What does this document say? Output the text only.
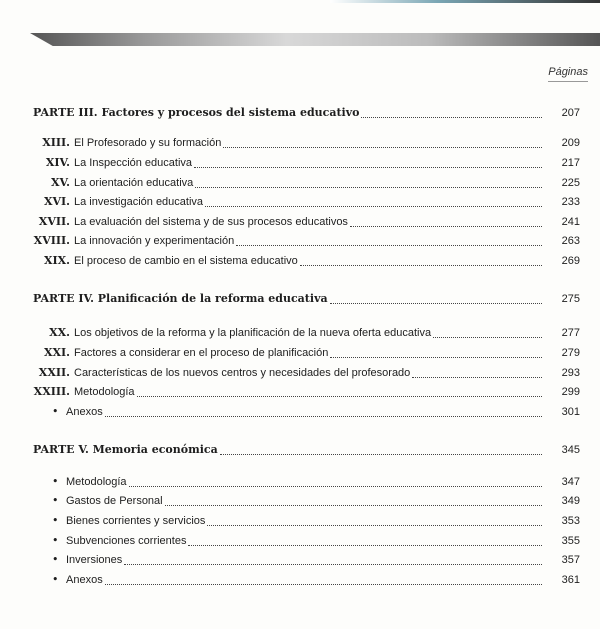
Páginas
PARTE III. Factores y procesos del sistema educativo	207
XIII. El Profesorado y su formación	209
XIV. La Inspección educativa	217
XV. La orientación educativa	225
XVI. La investigación educativa	233
XVII. La evaluación del sistema y de sus procesos educativos	241
XVIII. La innovación y experimentación	263
XIX. El proceso de cambio en el sistema educativo	269
PARTE IV. Planificación de la reforma educativa	275
XX. Los objetivos de la reforma y la planificación de la nueva oferta educativa	277
XXI. Factores a considerar en el proceso de planificación	279
XXII. Características de los nuevos centros y necesidades del profesorado	293
XXIII. Metodología	299
• Anexos	301
PARTE V. Memoria económica	345
• Metodología	347
• Gastos de Personal	349
• Bienes corrientes y servicios	353
• Subvenciones corrientes	355
• Inversiones	357
• Anexos	361
